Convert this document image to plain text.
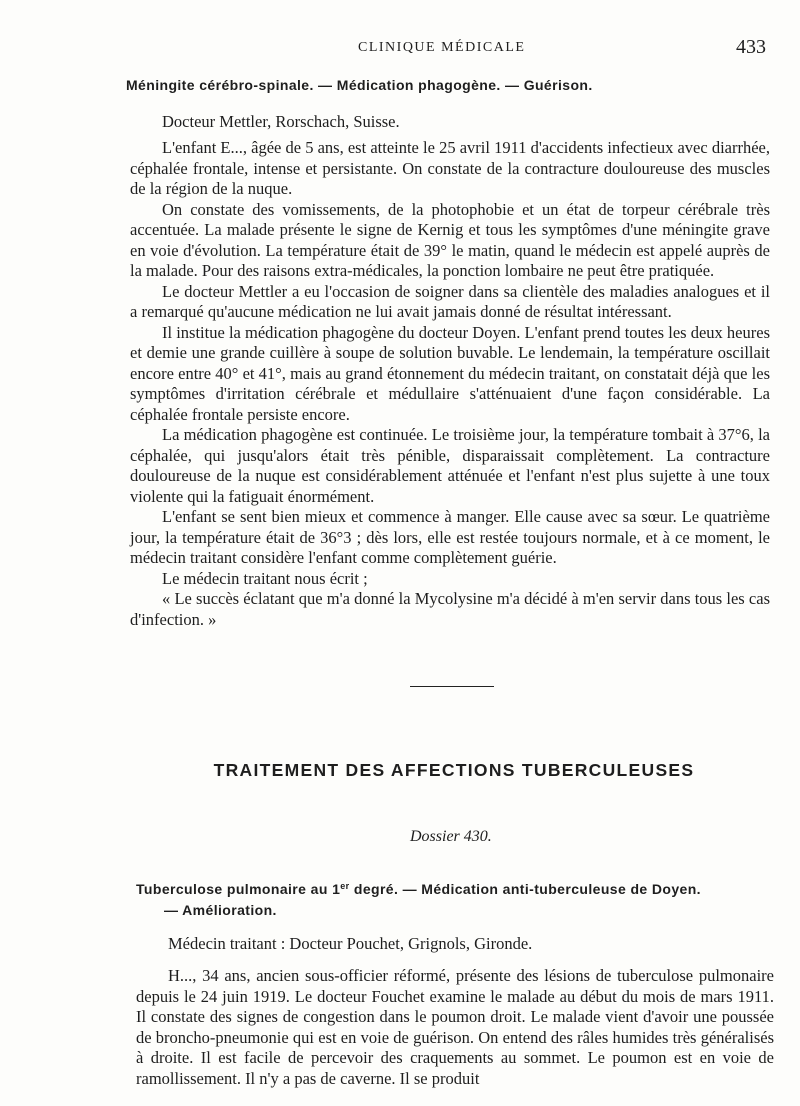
CLINIQUE MÉDICALE	433
Méningite cérébro-spinale. — Médication phagogène. — Guérison.
Docteur Mettler, Rorschach, Suisse.

L'enfant E..., âgée de 5 ans, est atteinte le 25 avril 1911 d'accidents infectieux avec diarrhée, céphalée frontale, intense et persistante. On constate de la contracture douloureuse des muscles de la région de la nuque.

On constate des vomissements, de la photophobie et un état de torpeur cérébrale très accentuée. La malade présente le signe de Kernig et tous les symptômes d'une méningite grave en voie d'évolution. La température était de 39° le matin, quand le médecin est appelé auprès de la malade. Pour des raisons extra-médicales, la ponction lombaire ne peut être pratiquée.

Le docteur Mettler a eu l'occasion de soigner dans sa clientèle des maladies analogues et il a remarqué qu'aucune médication ne lui avait jamais donné de résultat intéressant.

Il institue la médication phagogène du docteur Doyen. L'enfant prend toutes les deux heures et demie une grande cuillère à soupe de solution buvable. Le lendemain, la température oscillait encore entre 40° et 41°, mais au grand étonnement du médecin traitant, on constatait déjà que les symptômes d'irritation cérébrale et médullaire s'atténuaient d'une façon considérable. La céphalée frontale persiste encore.

La médication phagogène est continuée. Le troisième jour, la température tombait à 37°6, la céphalée, qui jusqu'alors était très pénible, disparaissait complètement. La contracture douloureuse de la nuque est considérablement atténuée et l'enfant n'est plus sujette à une toux violente qui la fatiguait énormément.

L'enfant se sent bien mieux et commence à manger. Elle cause avec sa sœur. Le quatrième jour, la température était de 36°3 ; dès lors, elle est restée toujours normale, et à ce moment, le médecin traitant considère l'enfant comme complètement guérie.

Le médecin traitant nous écrit ;

« Le succès éclatant que m'a donné la Mycolysine m'a décidé à m'en servir dans tous les cas d'infection. »

TRAITEMENT DES AFFECTIONS TUBERCULEUSES
Dossier 430.
Tuberculose pulmonaire au 1er degré. — Médication anti-tuberculeuse de Doyen.
— Amélioration.
Médecin traitant : Docteur Pouchet, Grignols, Gironde.

H..., 34 ans, ancien sous-officier réformé, présente des lésions de tuberculose pulmonaire depuis le 24 juin 1919. Le docteur Fouchet examine le malade au début du mois de mars 1911. Il constate des signes de congestion dans le poumon droit. Le malade vient d'avoir une poussée de broncho-pneumonie qui est en voie de guérison. On entend des râles humides très généralisés à droite. Il est facile de percevoir des craquements au sommet. Le poumon est en voie de ramollissement. Il n'y a pas de caverne. Il se produit
